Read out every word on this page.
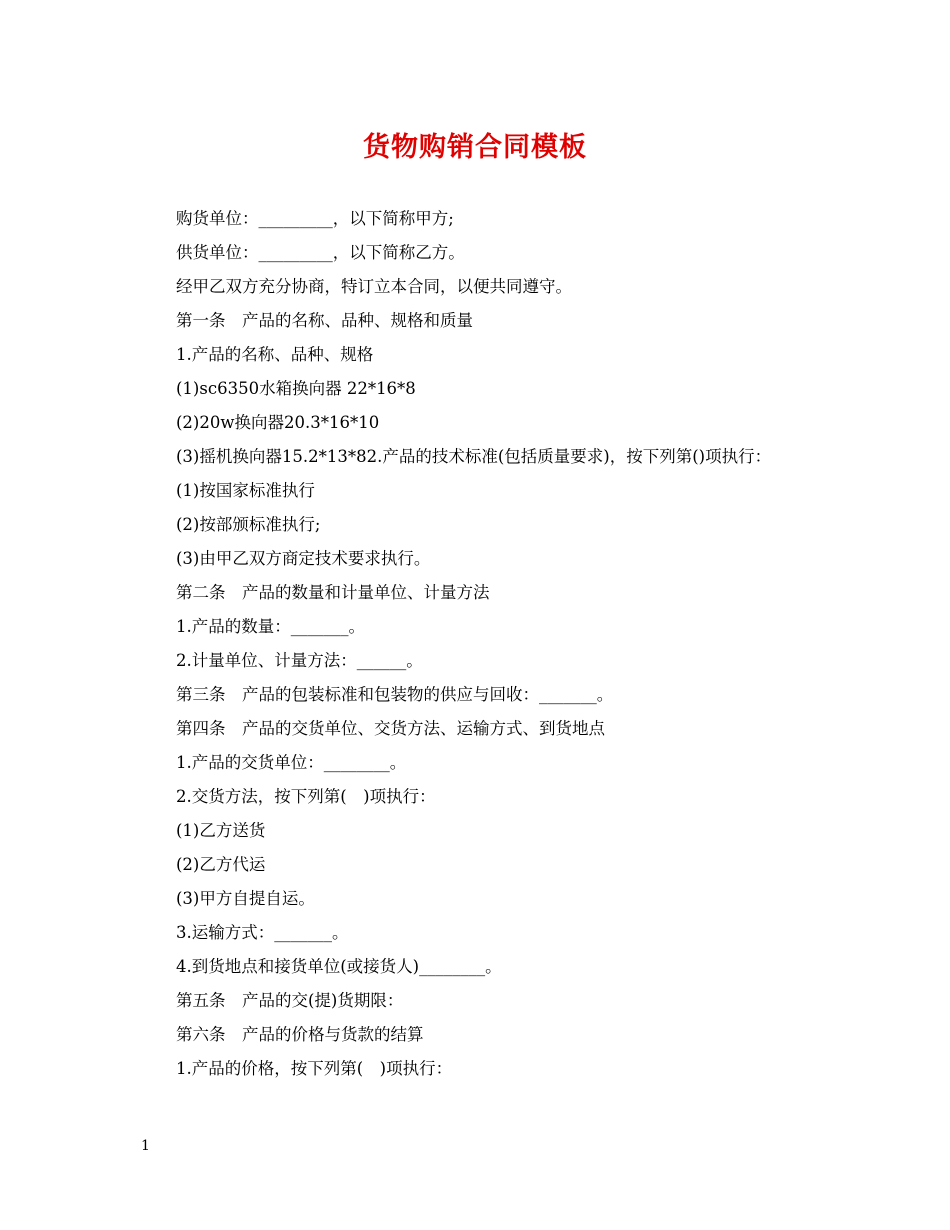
货物购销合同模板

购货单位：_________，以下简称甲方;

供货单位：_________，以下简称乙方。

经甲乙双方充分协商，特订立本合同，以便共同遵守。

第一条　产品的名称、品种、规格和质量

1.产品的名称、品种、规格

(1)sc6350水箱换向器 22*16*8

(2)20w换向器20.3*16*10

(3)摇机换向器15.2*13*82.产品的技术标准(包括质量要求)，按下列第()项执行：

(1)按国家标准执行

(2)按部颁标准执行;

(3)由甲乙双方商定技术要求执行。

第二条　产品的数量和计量单位、计量方法

1.产品的数量：_______。

2.计量单位、计量方法：______。

第三条　产品的包装标准和包装物的供应与回收：_______。

第四条　产品的交货单位、交货方法、运输方式、到货地点

1.产品的交货单位：________。

2.交货方法，按下列第(　)项执行：

(1)乙方送货

(2)乙方代运

(3)甲方自提自运。

3.运输方式：_______。

4.到货地点和接货单位(或接货人)________。

第五条　产品的交(提)货期限：

第六条　产品的价格与货款的结算

1.产品的价格，按下列第(　)项执行：

1
